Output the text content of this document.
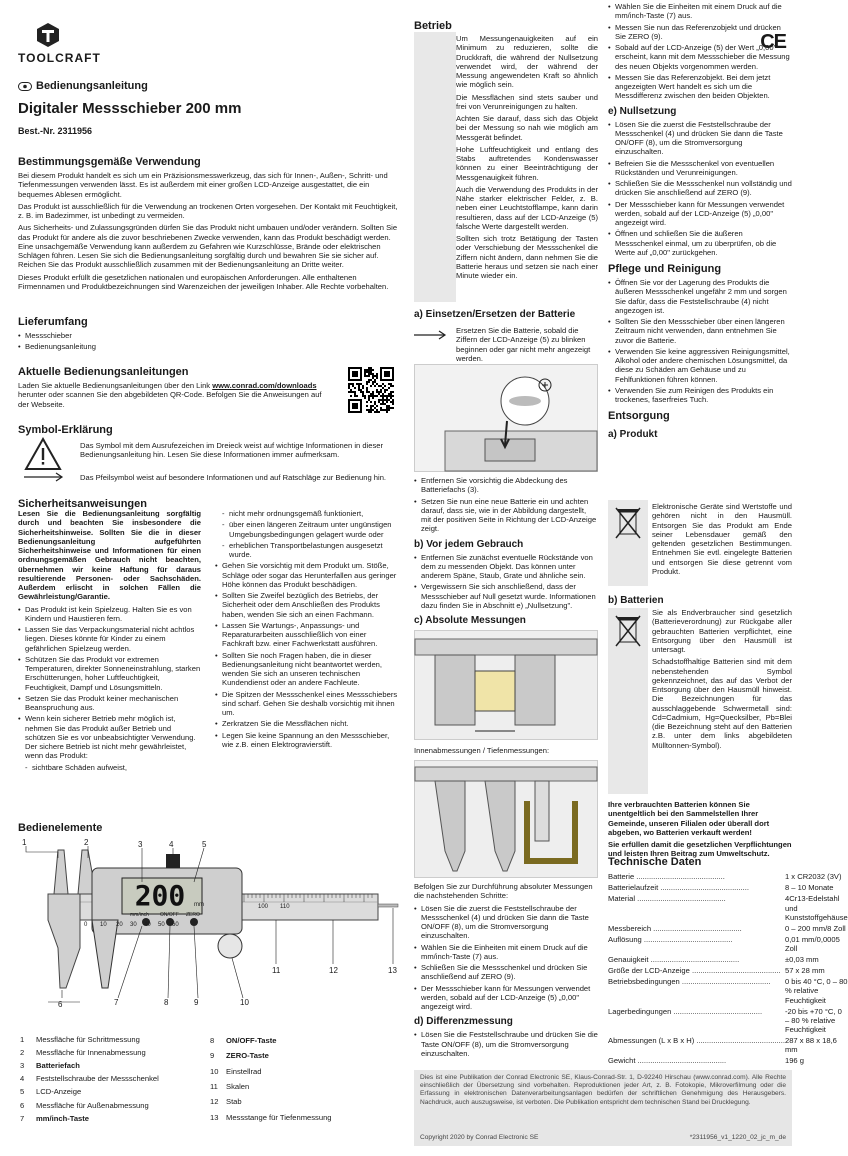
TOOLCRAFT
Bedienungsanleitung
Digitaler Messschieber 200 mm
Best.-Nr. 2311956
Bestimmungsgemäße Verwendung

Bei diesem Produkt handelt es sich um ein Präzisionsmesswerkzeug, das sich für Innen-, Außen-, Schritt- und Tiefenmessungen verwenden lässt. Es ist außerdem mit einer großen LCD-Anzeige ausgestattet, die ein bequemes Ablesen ermöglicht.

Das Produkt ist ausschließlich für die Verwendung an trockenen Orten vorgesehen. Der Kontakt mit Feuchtigkeit, z. B. im Badezimmer, ist unbedingt zu vermeiden.

Aus Sicherheits- und Zulassungsgründen dürfen Sie das Produkt nicht umbauen und/oder verändern. Sollten Sie das Produkt für andere als die zuvor beschriebenen Zwecke verwenden, kann das Produkt beschädigt werden. Eine unsachgemäße Verwendung kann außerdem zu Gefahren wie Kurzschlüsse, Brände oder elektrischen Schlägen führen. Lesen Sie sich die Bedienungsanleitung sorgfältig durch und bewahren Sie sie sicher auf. Reichen Sie das Produkt ausschließlich zusammen mit der Bedienungsanleitung an Dritte weiter.

Dieses Produkt erfüllt die gesetzlichen nationalen und europäischen Anforderungen. Alle enthaltenen Firmennamen und Produktbezeichnungen sind Warenzeichen der jeweiligen Inhaber. Alle Rechte vorbehalten.

Lieferumfang
• Messschieber
• Bedienungsanleitung
Aktuelle Bedienungsanleitungen

Laden Sie aktuelle Bedienungsanleitungen über den Link www.conrad.com/downloads herunter oder scannen Sie den abgebildeten QR-Code. Befolgen Sie die Anweisungen auf der Webseite.

Symbol-Erklärung

Das Symbol mit dem Ausrufezeichen im Dreieck weist auf wichtige Informationen in dieser Bedienungsanleitung hin. Lesen Sie diese Informationen immer aufmerksam.

Das Pfeilsymbol weist auf besondere Informationen und auf Ratschläge zur Bedienung hin.

Sicherheitsanweisungen

Lesen Sie die Bedienungsanleitung sorgfältig durch und beachten Sie insbesondere die Sicherheitshinweise. Sollten Sie die in dieser Bedienungsanleitung aufgeführten Sicherheitshinweise und Informationen für einen ordnungsgemäßen Gebrauch nicht beachten, übernehmen wir keine Haftung für daraus resultierende Personen- oder Sachschäden. Außerdem erlischt in solchen Fällen die Gewährleistung/Garantie.

• Das Produkt ist kein Spielzeug. Halten Sie es von Kindern und Haustieren fern.
• Lassen Sie das Verpackungsmaterial nicht achtlos liegen. Dieses könnte für Kinder zu einem gefährlichen Spielzeug werden.
• Schützen Sie das Produkt vor extremen Temperaturen, direkter Sonneneinstrahlung, starken Erschütterungen, hoher Luftfeuchtigkeit, Feuchtigkeit, Dampf und Lösungsmitteln.
• Setzen Sie das Produkt keiner mechanischen Beanspruchung aus.
• Wenn kein sicherer Betrieb mehr möglich ist, nehmen Sie das Produkt außer Betrieb und schützen Sie es vor unbeabsichtigter Verwendung. Der sichere Betrieb ist nicht mehr gewährleistet, wenn das Produkt:
- sichtbare Schäden aufweist,
- nicht mehr ordnungsgemäß funktioniert,
- über einen längeren Zeitraum unter ungünstigen Umgebungsbedingungen gelagert wurde oder
- erheblichen Transportbelastungen ausgesetzt wurde.
• Gehen Sie vorsichtig mit dem Produkt um. Stöße, Schläge oder sogar das Herunterfallen aus geringer Höhe können das Produkt beschädigen.
• Sollten Sie Zweifel bezüglich des Betriebs, der Sicherheit oder dem Anschließen des Produkts haben, wenden Sie sich an einen Fachmann.
• Lassen Sie Wartungs-, Anpassungs- und Reparaturarbeiten ausschließlich von einer Fachkraft bzw. einer Fachwerkstatt ausführen.
• Sollten Sie noch Fragen haben, die in dieser Bedienungsanleitung nicht beantwortet werden, wenden Sie sich an unseren technischen Kundendienst oder an andere Fachleute.
• Die Spitzen der Messschenkel eines Messschiebers sind scharf. Gehen Sie deshalb vorsichtig mit ihnen um.
• Zerkratzen Sie die Messflächen nicht.
• Legen Sie keine Spannung an den Messschieber, wie z.B. einen Elektrogravierstift.
Bedienelemente
200	mm
mm/inch ON/OFF ZERO
0 10 20 30 40 50 60
100 110
1	2	3	4	5
6	7	8	9	10
11	12	13
1	Messfläche für Schrittmessung
2	Messfläche für Innenabmessung
3	Batteriefach
4	Feststellschraube der Messschenkel
5	LCD-Anzeige
6	Messfläche für Außenabmessung
7	mm/inch-Taste
8	ON/OFF-Taste
9	ZERO-Taste
10	Einstellrad
11	Skalen
12	Stab
13	Messstange für Tiefenmessung
Betrieb

Um Messungenauigkeiten auf ein Minimum zu reduzieren, sollte die Druckkraft, die während der Nullsetzung verwendet wird, der während der Messung angewendeten Kraft so ähnlich wie möglich sein.

Die Messflächen sind stets sauber und frei von Verunreinigungen zu halten.

Achten Sie darauf, dass sich das Objekt bei der Messung so nah wie möglich am Messgerät befindet.

Hohe Luftfeuchtigkeit und entlang des Stabs auftretendes Kondenswasser können zu einer Beeinträchtigung der Messgenauigkeit führen.

Auch die Verwendung des Produkts in der Nähe starker elektrischer Felder, z. B. neben einer Leuchtstofflampe, kann darin resultieren, dass auf der LCD-Anzeige (5) falsche Werte dargestellt werden.

Sollten sich trotz Betätigung der Tasten oder Verschiebung der Messschenkel die Ziffern nicht ändern, dann nehmen Sie die Batterie heraus und setzen sie nach einer Minute wieder ein.

a) Einsetzen/Ersetzen der Batterie

Ersetzen Sie die Batterie, sobald die Ziffern der LCD-Anzeige (5) zu blinken beginnen oder gar nicht mehr angezeigt werden.

• Entfernen Sie vorsichtig die Abdeckung des Batteriefachs (3).
• Setzen Sie nun eine neue Batterie ein und achten darauf, dass sie, wie in der Abbildung dargestellt, mit der positiven Seite in Richtung der LCD-Anzeige zeigt.
b) Vor jedem Gebrauch
• Entfernen Sie zunächst eventuelle Rückstände von dem zu messenden Objekt. Das können unter anderem Späne, Staub, Grate und ähnliche sein.
• Vergewissern Sie sich anschließend, dass der Messschieber auf Null gesetzt wurde. Informationen dazu finden Sie in Abschnitt e) „Nullsetzung".
c) Absolute Messungen

Innenabmessungen / Tiefenmessungen:

Befolgen Sie zur Durchführung absoluter Messungen die nachstehenden Schritte:

• Lösen Sie die zuerst die Feststellschraube der Messschenkel (4) und drücken Sie dann die Taste ON/OFF (8), um die Stromversorgung einzuschalten.
• Wählen Sie die Einheiten mit einem Druck auf die mm/inch-Taste (7) aus.
• Schließen Sie die Messschenkel und drücken Sie anschließend auf ZERO (9).
• Der Messschieber kann für Messungen verwendet werden, sobald auf der LCD-Anzeige (5) „0,00" angezeigt wird.
d) Differenzmessung
• Lösen Sie die Feststellschraube und drücken Sie die Taste ON/OFF (8), um die Stromversorgung einzuschalten.
CE
• Wählen Sie die Einheiten mit einem Druck auf die mm/inch-Taste (7) aus.
• Messen Sie nun das Referenzobjekt und drücken Sie ZERO (9).
• Sobald auf der LCD-Anzeige (5) der Wert „0,00" erscheint, kann mit dem Messschieber die Messung des neuen Objekts vorgenommen werden.
• Messen Sie das Referenzobjekt. Bei dem jetzt angezeigten Wert handelt es sich um die Messdifferenz zwischen den beiden Objekten.
e) Nullsetzung
• Lösen Sie die zuerst die Feststellschraube der Messschenkel (4) und drücken Sie dann die Taste ON/OFF (8), um die Stromversorgung einzuschalten.
• Befreien Sie die Messschenkel von eventuellen Rückständen und Verunreinigungen.
• Schließen Sie die Messschenkel nun vollständig und drücken Sie anschließend auf ZERO (9).
• Der Messschieber kann für Messungen verwendet werden, sobald auf der LCD-Anzeige (5) „0,00" angezeigt wird.
• Öffnen und schließen Sie die äußeren Messschenkel einmal, um zu überprüfen, ob die Werte auf „0,00" zurückgehen.
Pflege und Reinigung
• Öffnen Sie vor der Lagerung des Produkts die äußeren Messschenkel ungefähr 2 mm und sorgen Sie dafür, dass die Feststellschraube (4) nicht angezogen ist.
• Sollten Sie den Messschieber über einen längeren Zeitraum nicht verwenden, dann entnehmen Sie zuvor die Batterie.
• Verwenden Sie keine aggressiven Reinigungsmittel, Alkohol oder andere chemischen Lösungsmittel, da diese zu Schäden am Gehäuse und zu Fehlfunktionen führen können.
• Verwenden Sie zum Reinigen des Produkts ein trockenes, faserfreies Tuch.
Entsorgung
a) Produkt

Elektronische Geräte sind Wertstoffe und gehören nicht in den Hausmüll. Entsorgen Sie das Produkt am Ende seiner Lebensdauer gemäß den geltenden gesetzlichen Bestimmungen. Entnehmen Sie evtl. eingelegte Batterien und entsorgen Sie diese getrennt vom Produkt.

b) Batterien

Sie als Endverbraucher sind gesetzlich (Batterieverordnung) zur Rückgabe aller gebrauchten Batterien verpflichtet, eine Entsorgung über den Hausmüll ist untersagt.

Schadstoffhaltige Batterien sind mit dem nebenstehenden Symbol gekennzeichnet, das auf das Verbot der Entsorgung über den Hausmüll hinweist. Die Bezeichnungen für das ausschlaggebende Schwermetall sind: Cd=Cadmium, Hg=Quecksilber, Pb=Blei (die Bezeichnung steht auf den Batterien z.B. unter dem links abgebildeten Mülltonnen-Symbol).

Ihre verbrauchten Batterien können Sie unentgeltlich bei den Sammelstellen Ihrer Gemeinde, unseren Filialen oder überall dort abgeben, wo Batterien verkauft werden!

Sie erfüllen damit die gesetzlichen Verpflichtungen und leisten Ihren Beitrag zum Umweltschutz.

Technische Daten
Batterie ..........................................	1 x CR2032 (3V)
Batterielaufzeit ..........................................	8 – 10 Monate
Material ..........................................	4Cr13-Edelstahl und Kunststoffgehäuse
Messbereich ..........................................	0 – 200 mm/8 Zoll
Auflösung ..........................................	0,01 mm/0,0005 Zoll
Genauigkeit ..........................................	±0,03 mm
Größe der LCD-Anzeige ..........................................	57 x 28 mm
Betriebsbedingungen ..........................................	0 bis 40 °C, 0 – 80 % relative Feuchtigkeit
Lagerbedingungen ..........................................	-20 bis +70 °C, 0 – 80 % relative Feuchtigkeit
Abmessungen (L x B x H) ..........................................	287 x 88 x 18,6 mm
Gewicht ..........................................	196 g

Dies ist eine Publikation der Conrad Electronic SE, Klaus-Conrad-Str. 1, D-92240 Hirschau (www.conrad.com). Alle Rechte einschließlich der Übersetzung sind vorbehalten. Reproduktionen jeder Art, z. B. Fotokopie, Mikroverfilmung oder die Erfassung in elektronischen Datenverarbeitungsanlagen bedürfen der schriftlichen Genehmigung des Herausgebers. Nachdruck, auch auszugsweise, ist verboten. Die Publikation entspricht dem technischen Stand bei Drucklegung.

Copyright 2020 by Conrad Electronic SE	*2311956_v1_1220_02_jc_m_de
